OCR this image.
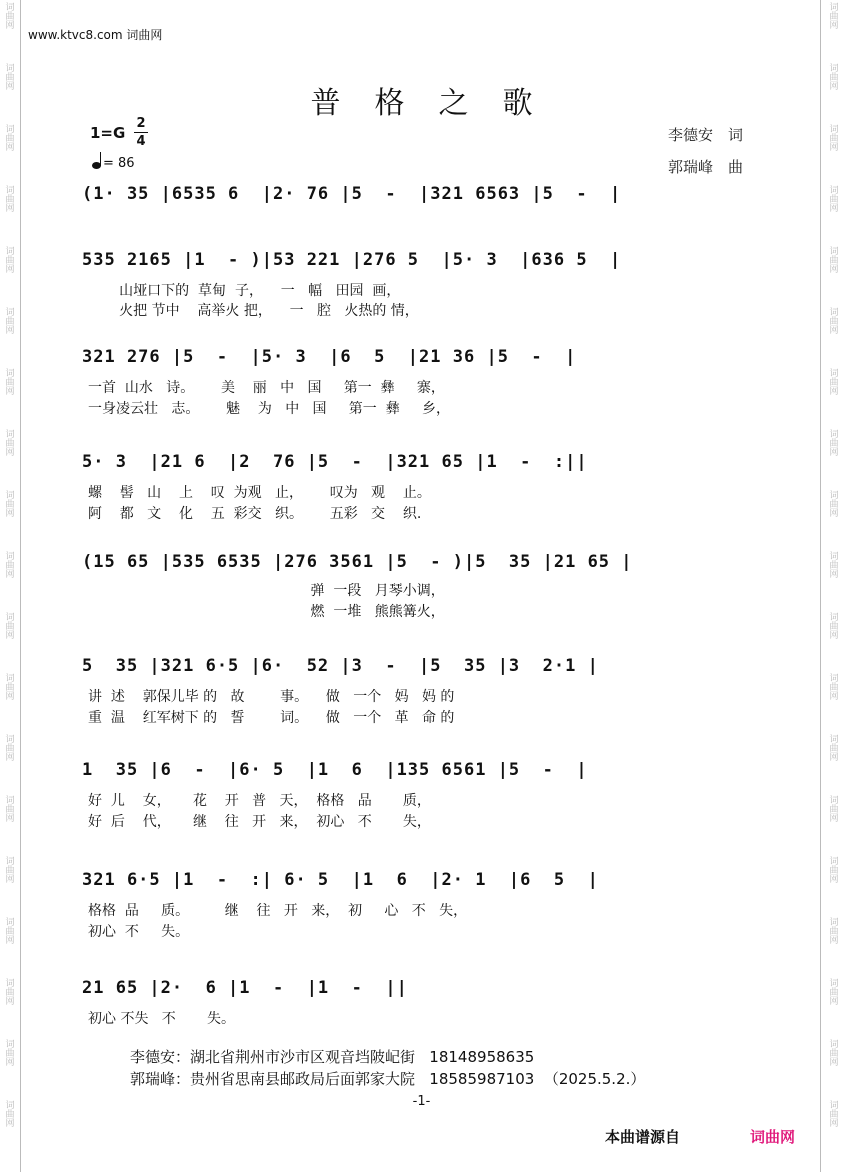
词曲网
词曲网
词曲网
词曲网
词曲网
词曲网
词曲网
词曲网
词曲网
词曲网
词曲网
词曲网
词曲网
词曲网
词曲网
词曲网
词曲网
词曲网
词曲网
词曲网
词曲网
词曲网
词曲网
词曲网
词曲网
词曲网
词曲网
词曲网
词曲网
词曲网
词曲网
词曲网
词曲网
词曲网
词曲网
词曲网
词曲网
词曲网
www.ktvc8.com 词曲网
普格之歌
1=G
2
4
= 86
李德安　词
郭瑞峰　曲
(1· 35 |6535 6  |2· 76 |5  -  |321 6563 |5  -  |
535 2165 |1  - )|53 221 |276 5  |5· 3  |636 5  |
山垭口下的  草甸  子，    一   幅   田园  画，
火把 节中    高举火 把，    一   腔   火热的 情，
321 276 |5  -  |5· 3  |6  5  |21 36 |5  -  |
一首  山水   诗。      美    丽   中   国     第一  彝     寨，
一身凌云壮   志。      魅    为   中   国     第一  彝     乡，
5· 3  |21 6  |2  76 |5  -  |321 65 |1  -  :||
螺    髻   山    上    叹  为观   止，      叹为   观    止。
阿    都   文    化    五  彩交   织。      五彩   交    织.
(15 65 |535 6535 |276 3561 |5  - )|5  35 |21 65 |
弹  一段   月琴小调，
燃  一堆   熊熊篝火，
5  35 |321 6·5 |6·  52 |3  -  |5  35 |3  2·1 |
讲  述    郭保儿毕 的   故        事。    做   一个   妈   妈 的
重  温    红军树下 的   誓        词。    做   一个   革   命 的
1  35 |6  -  |6· 5  |1  6  |135 6561 |5  -  |
好  儿    女，     花    开   普   天，  格格   品       质，
好  后    代，     继    往   开   来，  初心   不       失，
321 6·5 |1  -  :| 6· 5  |1  6  |2· 1  |6  5  |
格格  品     质。        继    往   开   来，  初     心   不   失，
初心  不     失。
21 65 |2·  6 |1  -  |1  -  ||
初心 不失   不       失。
李德安：湖北省荆州市沙市区观音垱陂屺街   18148958635
郭瑞峰：贵州省思南县邮政局后面郭家大院   18585987103  （2025.5.2.）
-1-
本曲谱源自	词曲网
